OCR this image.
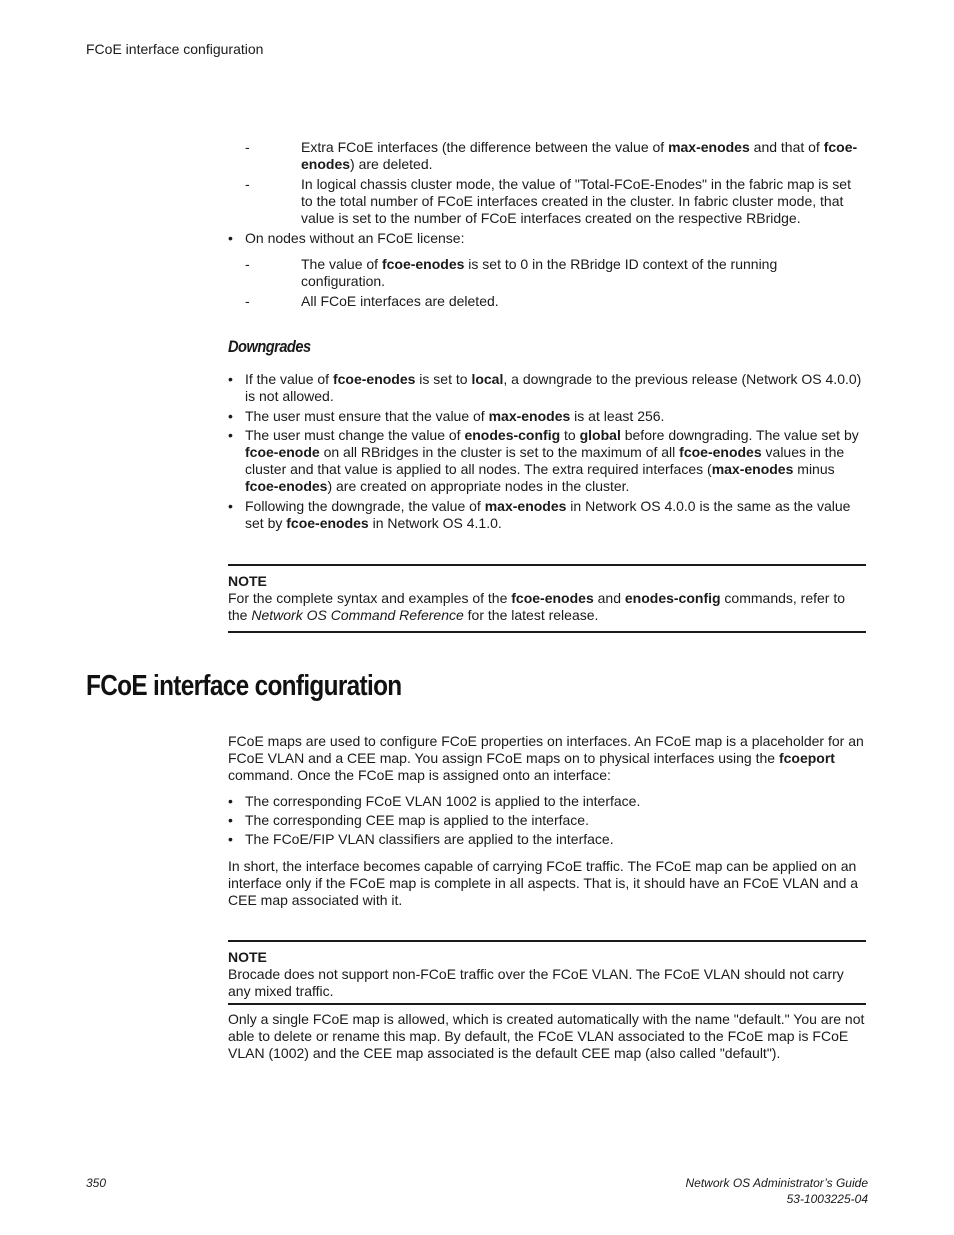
FCoE interface configuration
-	Extra FCoE interfaces (the difference between the value of max-enodes and that of fcoe-enodes) are deleted.
-	In logical chassis cluster mode, the value of "Total-FCoE-Enodes" in the fabric map is set to the total number of FCoE interfaces created in the cluster. In fabric cluster mode, that value is set to the number of FCoE interfaces created on the respective RBridge.
• On nodes without an FCoE license:
-	The value of fcoe-enodes is set to 0 in the RBridge ID context of the running configuration.
-	All FCoE interfaces are deleted.
Downgrades
• If the value of fcoe-enodes is set to local, a downgrade to the previous release (Network OS 4.0.0) is not allowed.
• The user must ensure that the value of max-enodes is at least 256.
• The user must change the value of enodes-config to global before downgrading. The value set by fcoe-enode on all RBridges in the cluster is set to the maximum of all fcoe-enodes values in the cluster and that value is applied to all nodes. The extra required interfaces (max-enodes minus fcoe-enodes) are created on appropriate nodes in the cluster.
• Following the downgrade, the value of max-enodes in Network OS 4.0.0 is the same as the value set by fcoe-enodes in Network OS 4.1.0.
NOTE
For the complete syntax and examples of the fcoe-enodes and enodes-config commands, refer to the Network OS Command Reference for the latest release.
FCoE maps are used to configure FCoE properties on interfaces. An FCoE map is a placeholder for an FCoE VLAN and a CEE map. You assign FCoE maps on to physical interfaces using the fcoeport command. Once the FCoE map is assigned onto an interface:
• The corresponding FCoE VLAN 1002 is applied to the interface.
• The corresponding CEE map is applied to the interface.
• The FCoE/FIP VLAN classifiers are applied to the interface.
In short, the interface becomes capable of carrying FCoE traffic. The FCoE map can be applied on an interface only if the FCoE map is complete in all aspects. That is, it should have an FCoE VLAN and a CEE map associated with it.
NOTE
Brocade does not support non-FCoE traffic over the FCoE VLAN. The FCoE VLAN should not carry any mixed traffic.
Only a single FCoE map is allowed, which is created automatically with the name "default." You are not able to delete or rename this map. By default, the FCoE VLAN associated to the FCoE map is FCoE VLAN (1002) and the CEE map associated is the default CEE map (also called "default").
FCoE interface configuration
350	Network OS Administrator’s Guide
53-1003225-04
